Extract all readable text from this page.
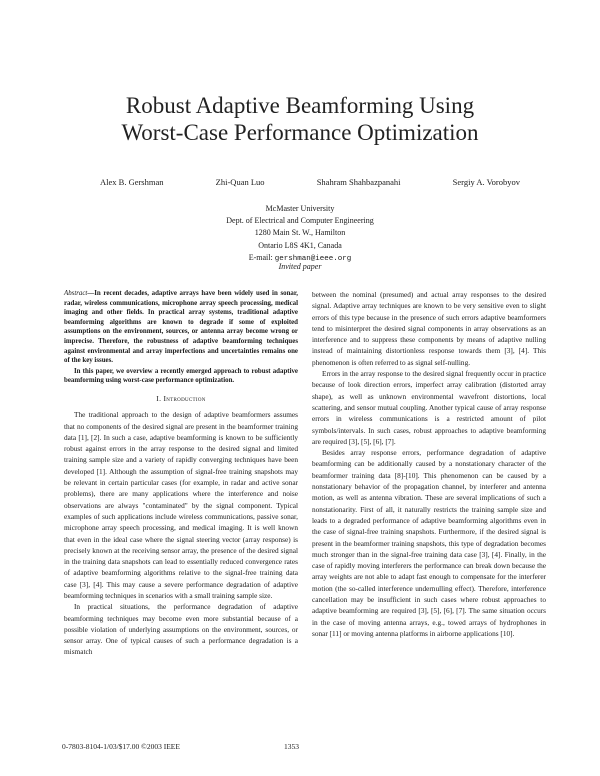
Robust Adaptive Beamforming Using
Worst-Case Performance Optimization
Alex B. Gershman	Zhi-Quan Luo	Shahram Shahbazpanahi	Sergiy A. Vorobyov
McMaster University
Dept. of Electrical and Computer Engineering
1280 Main St. W., Hamilton
Ontario L8S 4K1, Canada
E-mail: gershman@ieee.org
Invited paper

Abstract—In recent decades, adaptive arrays have been widely used in sonar, radar, wireless communications, microphone array speech processing, medical imaging and other fields. In practical array systems, traditional adaptive beamforming algorithms are known to degrade if some of exploited assumptions on the environment, sources, or antenna array become wrong or imprecise. Therefore, the robustness of adaptive beamforming techniques against environmental and array imperfections and uncertainties remains one of the key issues.

In this paper, we overview a recently emerged approach to robust adaptive beamforming using worst-case performance optimization.

I. Introduction

The traditional approach to the design of adaptive beamformers assumes that no components of the desired signal are present in the beamformer training data [1], [2]. In such a case, adaptive beamforming is known to be sufficiently robust against errors in the array response to the desired signal and limited training sample size and a variety of rapidly converging techniques have been developed [1]. Although the assumption of signal-free training snapshots may be relevant in certain particular cases (for example, in radar and active sonar problems), there are many applications where the interference and noise observations are always "contaminated" by the signal component. Typical examples of such applications include wireless communications, passive sonar, microphone array speech processing, and medical imaging. It is well known that even in the ideal case where the signal steering vector (array response) is precisely known at the receiving sensor array, the presence of the desired signal in the training data snapshots can lead to essentially reduced convergence rates of adaptive beamforming algorithms relative to the signal-free training data case [3], [4]. This may cause a severe performance degradation of adaptive beamforming techniques in scenarios with a small training sample size.

In practical situations, the performance degradation of adaptive beamforming techniques may become even more substantial because of a possible violation of underlying assumptions on the environment, sources, or sensor array. One of typical causes of such a performance degradation is a mismatch

between the nominal (presumed) and actual array responses to the desired signal. Adaptive array techniques are known to be very sensitive even to slight errors of this type because in the presence of such errors adaptive beamformers tend to misinterpret the desired signal components in array observations as an interference and to suppress these components by means of adaptive nulling instead of maintaining distortionless response towards them [3], [4]. This phenomenon is often referred to as signal self-nulling.

Errors in the array response to the desired signal frequently occur in practice because of look direction errors, imperfect array calibration (distorted array shape), as well as unknown environmental wavefront distortions, local scattering, and sensor mutual coupling. Another typical cause of array response errors in wireless communications is a restricted amount of pilot symbols/intervals. In such cases, robust approaches to adaptive beamforming are required [3], [5], [6], [7].

Besides array response errors, performance degradation of adaptive beamforming can be additionally caused by a nonstationary character of the beamformer training data [8]-[10]. This phenomenon can be caused by a nonstationary behavior of the propagation channel, by interferer and antenna motion, as well as antenna vibration. These are several implications of such a nonstationarity. First of all, it naturally restricts the training sample size and leads to a degraded performance of adaptive beamforming algorithms even in the case of signal-free training snapshots. Furthermore, if the desired signal is present in the beamformer training snapshots, this type of degradation becomes much stronger than in the signal-free training data case [3], [4]. Finally, in the case of rapidly moving interferers the performance can break down because the array weights are not able to adapt fast enough to compensate for the interferer motion (the so-called interference undernulling effect). Therefore, interference cancellation may be insufficient in such cases where robust approaches to adaptive beamforming are required [3], [5], [6], [7]. The same situation occurs in the case of moving antenna arrays, e.g., towed arrays of hydrophones in sonar [11] or moving antenna platforms in airborne applications [10].

0-7803-8104-1/03/$17.00 ©2003 IEEE	1353
